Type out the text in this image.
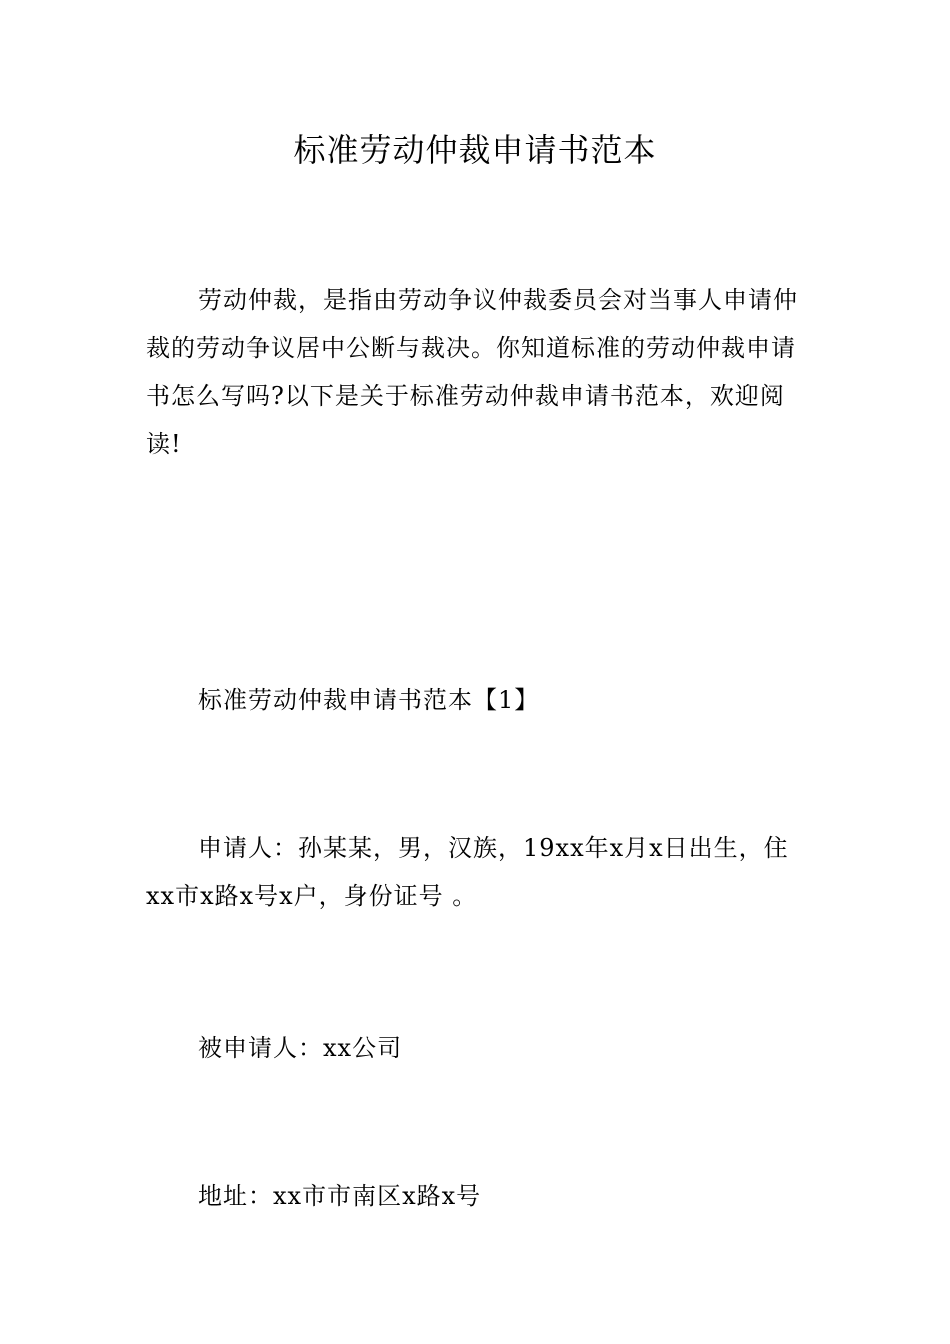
标准劳动仲裁申请书范本

劳动仲裁，是指由劳动争议仲裁委员会对当事人申请仲裁的劳动争议居中公断与裁决。你知道标准的劳动仲裁申请书怎么写吗?以下是关于标准劳动仲裁申请书范本，欢迎阅读!

标准劳动仲裁申请书范本【1】

申请人：孙某某，男，汉族，19xx年x月x日出生，住xx市x路x号x户，身份证号 。

被申请人：xx公司

地址：xx市市南区x路x号
